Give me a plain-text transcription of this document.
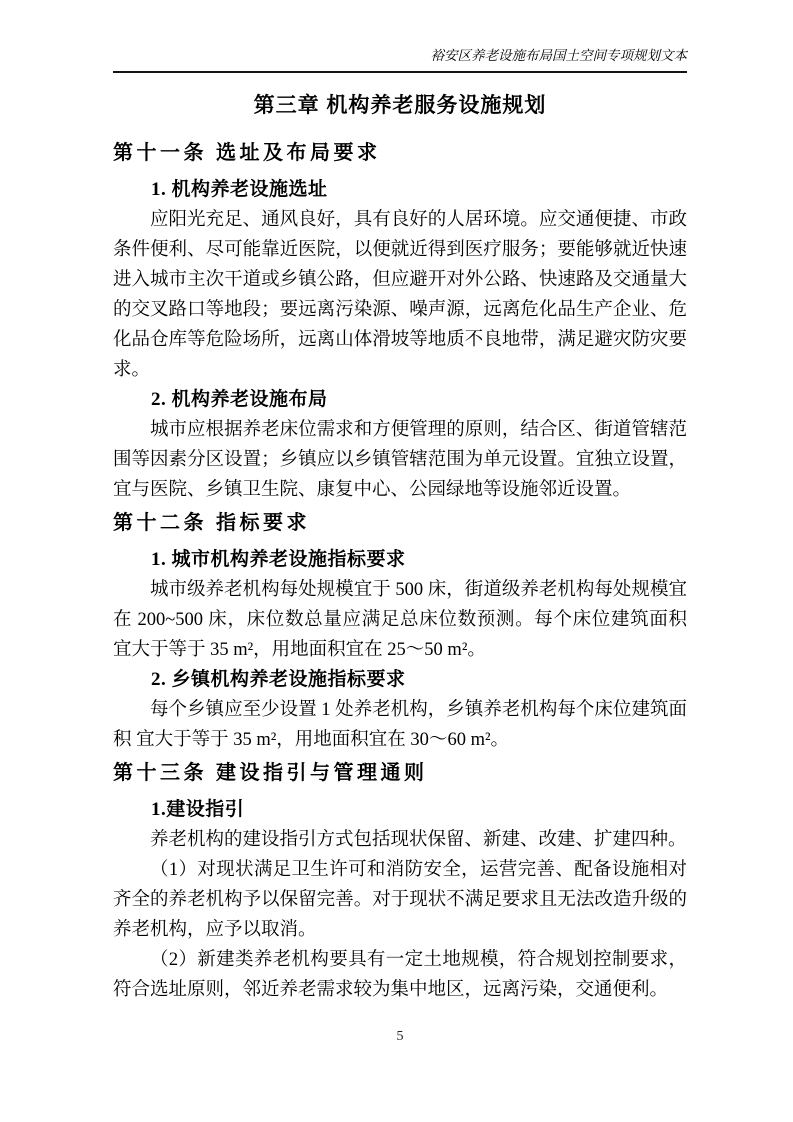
裕安区养老设施布局国土空间专项规划文本
第三章 机构养老服务设施规划
第十一条 选址及布局要求
1. 机构养老设施选址

应阳光充足、通风良好，具有良好的人居环境。应交通便捷、市政条件便利、尽可能靠近医院，以便就近得到医疗服务；要能够就近快速进入城市主次干道或乡镇公路，但应避开对外公路、快速路及交通量大的交叉路口等地段；要远离污染源、噪声源，远离危化品生产企业、危化品仓库等危险场所，远离山体滑坡等地质不良地带，满足避灾防灾要求。

2. 机构养老设施布局

城市应根据养老床位需求和方便管理的原则，结合区、街道管辖范围等因素分区设置；乡镇应以乡镇管辖范围为单元设置。宜独立设置，宜与医院、乡镇卫生院、康复中心、公园绿地等设施邻近设置。

第十二条 指标要求
1. 城市机构养老设施指标要求

城市级养老机构每处规模宜于 500 床，街道级养老机构每处规模宜在 200~500 床，床位数总量应满足总床位数预测。每个床位建筑面积宜大于等于 35 m²，用地面积宜在 25～50 m²。

2. 乡镇机构养老设施指标要求

每个乡镇应至少设置 1 处养老机构，乡镇养老机构每个床位建筑面积 宜大于等于 35 m²，用地面积宜在 30～60 m²。

第十三条 建设指引与管理通则
1.建设指引

养老机构的建设指引方式包括现状保留、新建、改建、扩建四种。

（1）对现状满足卫生许可和消防安全，运营完善、配备设施相对齐全的养老机构予以保留完善。对于现状不满足要求且无法改造升级的养老机构，应予以取消。

（2）新建类养老机构要具有一定土地规模，符合规划控制要求，符合选址原则，邻近养老需求较为集中地区，远离污染，交通便利。

5
